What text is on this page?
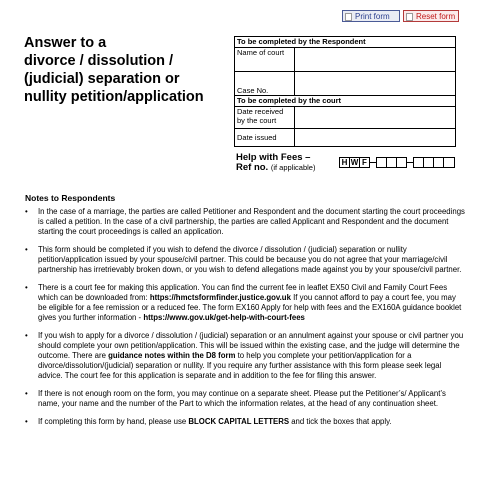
Print form	Reset form
Answer to a
divorce / dissolution /
(judicial) separation or
nullity petition/application
To be completed by the Respondent	
Name of court	
Case No.	
To be completed by the court	
Date received by the court	
Date issued	
Help with Fees –
Ref no. (if applicable)
H W F
Notes to Respondents
• In the case of a marriage, the parties are called Petitioner and Respondent and the document starting the court proceedings is called a petition. In the case of a civil partnership, the parties are called Applicant and Respondent and the document starting the court proceedings is called an application.
• This form should be completed if you wish to defend the divorce / dissolution / (judicial) separation or nullity petition/application issued by your spouse/civil partner. This could be because you do not agree that your marriage/civil partnership has irretrievably broken down, or you wish to defend allegations made against you by your spouse/civil partner.
• There is a court fee for making this application. You can find the current fee in leaflet EX50 Civil and Family Court Fees which can be downloaded from: https://hmctsformfinder.justice.gov.uk If you cannot afford to pay a court fee, you may be eligible for a fee remission or a reduced fee. The form EX160 Apply for help with fees and the EX160A guidance booklet gives you further information - https://www.gov.uk/get-help-with-court-fees
• If you wish to apply for a divorce / dissolution / (judicial) separation or an annulment against your spouse or civil partner you should complete your own petition/application. This will be issued within the existing case, and the judge will determine the outcome. There are guidance notes within the D8 form to help you complete your petition/application for a divorce/dissolution/(judicial) separation or nullity. If you require any further assistance with this form please seek legal advice. The court fee for this application is separate and in addition to the fee for filing this answer.
• If there is not enough room on the form, you may continue on a separate sheet. Please put the Petitioner’s/ Applicant’s name, your name and the number of the Part to which the information relates, at the head of any continuation sheet.
• If completing this form by hand, please use BLOCK CAPITAL LETTERS and tick the boxes that apply.
